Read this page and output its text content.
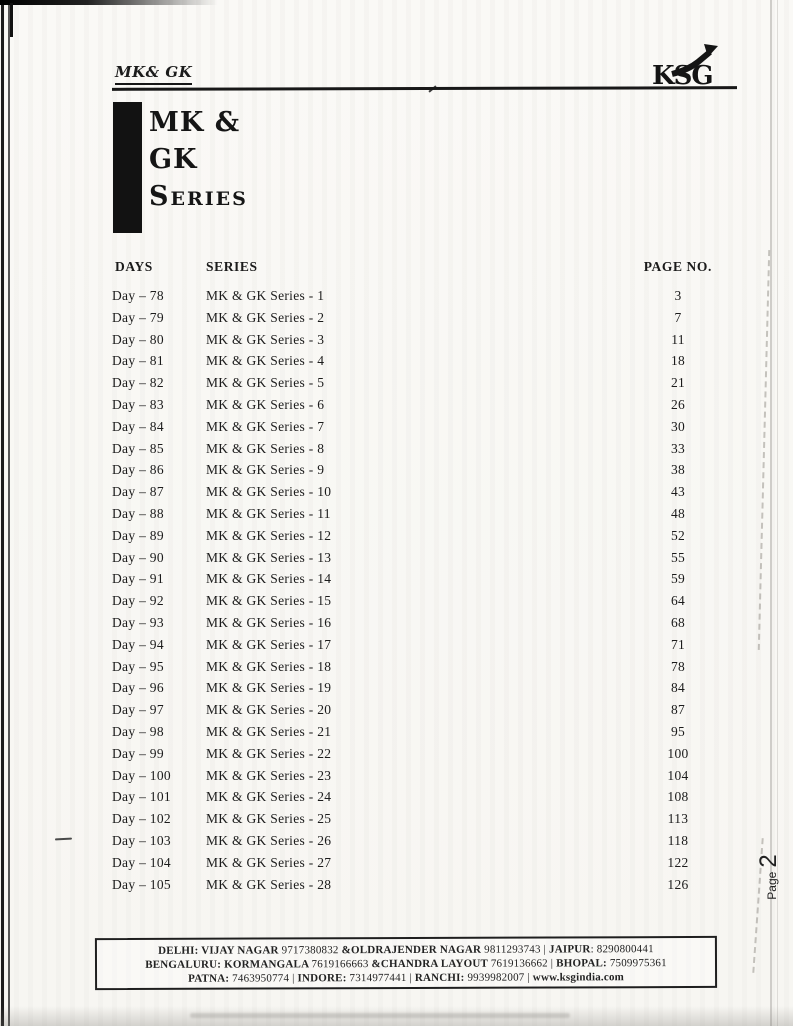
MK& GK	KSG
MK &
GK
Series
DAYS	SERIES	PAGE NO.
Day – 78	MK & GK Series - 1	3
Day – 79	MK & GK Series - 2	7
Day – 80	MK & GK Series - 3	11
Day – 81	MK & GK Series - 4	18
Day – 82	MK & GK Series - 5	21
Day – 83	MK & GK Series - 6	26
Day – 84	MK & GK Series - 7	30
Day – 85	MK & GK Series - 8	33
Day – 86	MK & GK Series - 9	38
Day – 87	MK & GK Series - 10	43
Day – 88	MK & GK Series - 11	48
Day – 89	MK & GK Series - 12	52
Day – 90	MK & GK Series - 13	55
Day – 91	MK & GK Series - 14	59
Day – 92	MK & GK Series - 15	64
Day – 93	MK & GK Series - 16	68
Day – 94	MK & GK Series - 17	71
Day – 95	MK & GK Series - 18	78
Day – 96	MK & GK Series - 19	84
Day – 97	MK & GK Series - 20	87
Day – 98	MK & GK Series - 21	95
Day – 99	MK & GK Series - 22	100
Day – 100	MK & GK Series - 23	104
Day – 101	MK & GK Series - 24	108
Day – 102	MK & GK Series - 25	113
Day – 103	MK & GK Series - 26	118
Day – 104	MK & GK Series - 27	122
Day – 105	MK & GK Series - 28	126
DELHI: VIJAY NAGAR 9717380832 &OLDRAJENDER NAGAR 9811293743 | JAIPUR: 8290800441
BENGALURU: KORMANGALA 7619166663 &CHANDRA LAYOUT 7619136662 | BHOPAL: 7509975361
PATNA: 7463950774 | INDORE: 7314977441 | RANCHI: 9939982007 | www.ksgindia.com
Page
2
